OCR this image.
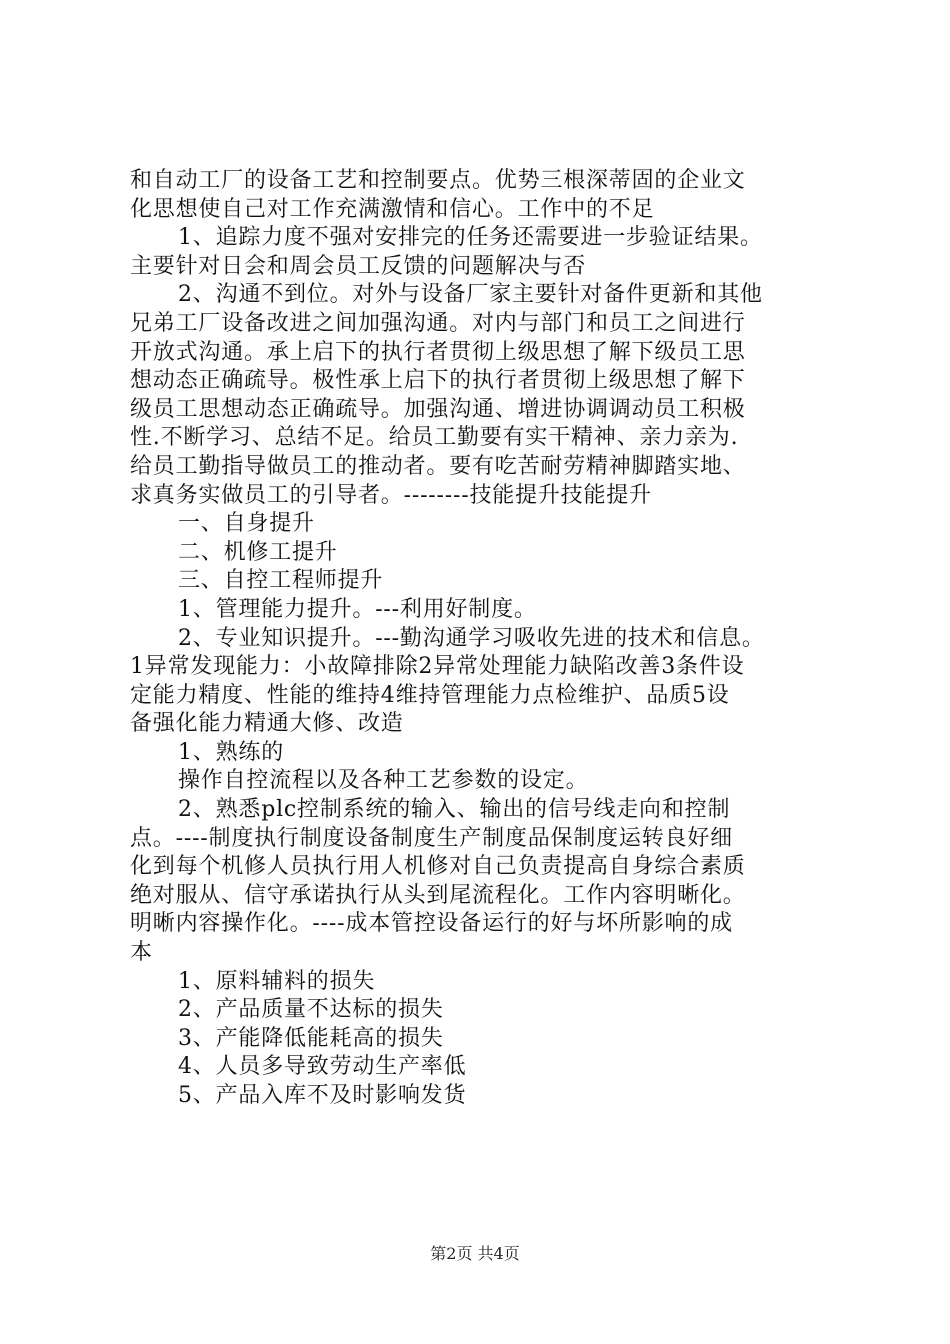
和自动工厂的设备工艺和控制要点。优势三根深蒂固的企业文
化思想使自己对工作充满激情和信心。工作中的不足
1、追踪力度不强对安排完的任务还需要进一步验证结果。
主要针对日会和周会员工反馈的问题解决与否
2、沟通不到位。对外与设备厂家主要针对备件更新和其他
兄弟工厂设备改进之间加强沟通。对内与部门和员工之间进行
开放式沟通。承上启下的执行者贯彻上级思想了解下级员工思
想动态正确疏导。极性承上启下的执行者贯彻上级思想了解下
级员工思想动态正确疏导。加强沟通、增进协调调动员工积极
性.不断学习、总结不足。给员工勤要有实干精神、亲力亲为.
给员工勤指导做员工的推动者。要有吃苦耐劳精神脚踏实地、
求真务实做员工的引导者。--------技能提升技能提升
一、自身提升
二、机修工提升
三、自控工程师提升
1、管理能力提升。---利用好制度。
2、专业知识提升。---勤沟通学习吸收先进的技术和信息。
1异常发现能力：小故障排除2异常处理能力缺陷改善3条件设
定能力精度、性能的维持4维持管理能力点检维护、品质5设
备强化能力精通大修、改造
1、熟练的
操作自控流程以及各种工艺参数的设定。
2、熟悉plc控制系统的输入、输出的信号线走向和控制
点。----制度执行制度设备制度生产制度品保制度运转良好细
化到每个机修人员执行用人机修对自己负责提高自身综合素质
绝对服从、信守承诺执行从头到尾流程化。工作内容明晰化。
明晰内容操作化。----成本管控设备运行的好与坏所影响的成
本
1、原料辅料的损失
2、产品质量不达标的损失
3、产能降低能耗高的损失
4、人员多导致劳动生产率低
5、产品入库不及时影响发货
第2页 共4页
